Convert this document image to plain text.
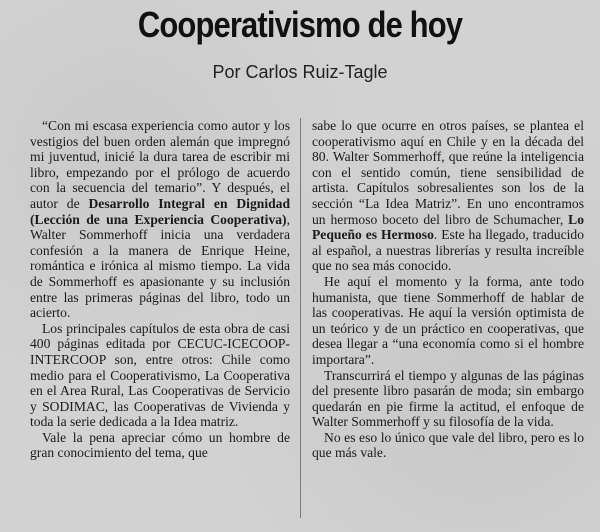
Cooperativismo de hoy
Por Carlos Ruiz-Tagle

“Con mi escasa experiencia como autor y los vestigios del buen orden alemán que impregnó mi juventud, inicié la dura tarea de escribir mi libro, empezando por el prólogo de acuerdo con la secuencia del temario”. Y después, el autor de Desarrollo Integral en Dignidad (Lección de una Experiencia Cooperativa), Walter Sommerhoff inicia una verdadera confesión a la manera de Enrique Heine, romántica e irónica al mismo tiempo. La vida de Sommerhoff es apasionante y su inclusión entre las primeras páginas del libro, todo un acierto.

Los principales capítulos de esta obra de casi 400 páginas editada por CECUC-ICECOOP-INTERCOOP son, entre otros: Chile como medio para el Cooperativismo, La Cooperativa en el Area Rural, Las Cooperativas de Servicio y SODIMAC, las Cooperativas de Vivienda y toda la serie dedicada a la Idea matriz.

Vale la pena apreciar cómo un hombre de gran conocimiento del tema, que

sabe lo que ocurre en otros países, se plantea el cooperativismo aquí en Chile y en la década del 80. Walter Sommerhoff, que reúne la inteligencia con el sentido común, tiene sensibilidad de artista. Capítulos sobresalientes son los de la sección “La Idea Matriz”. En uno encontramos un hermoso boceto del libro de Schumacher, Lo Pequeño es Hermoso. Este ha llegado, traducido al español, a nuestras librerías y resulta increíble que no sea más conocido.

He aquí el momento y la forma, ante todo humanista, que tiene Sommerhoff de hablar de las cooperativas. He aquí la versión optimista de un teórico y de un práctico en cooperativas, que desea llegar a “una economía como si el hombre importara”.

Transcurrirá el tiempo y algunas de las páginas del presente libro pasarán de moda; sin embargo quedarán en pie firme la actitud, el enfoque de Walter Sommerhoff y su filosofía de la vida.

No es eso lo único que vale del libro, pero es lo que más vale.
